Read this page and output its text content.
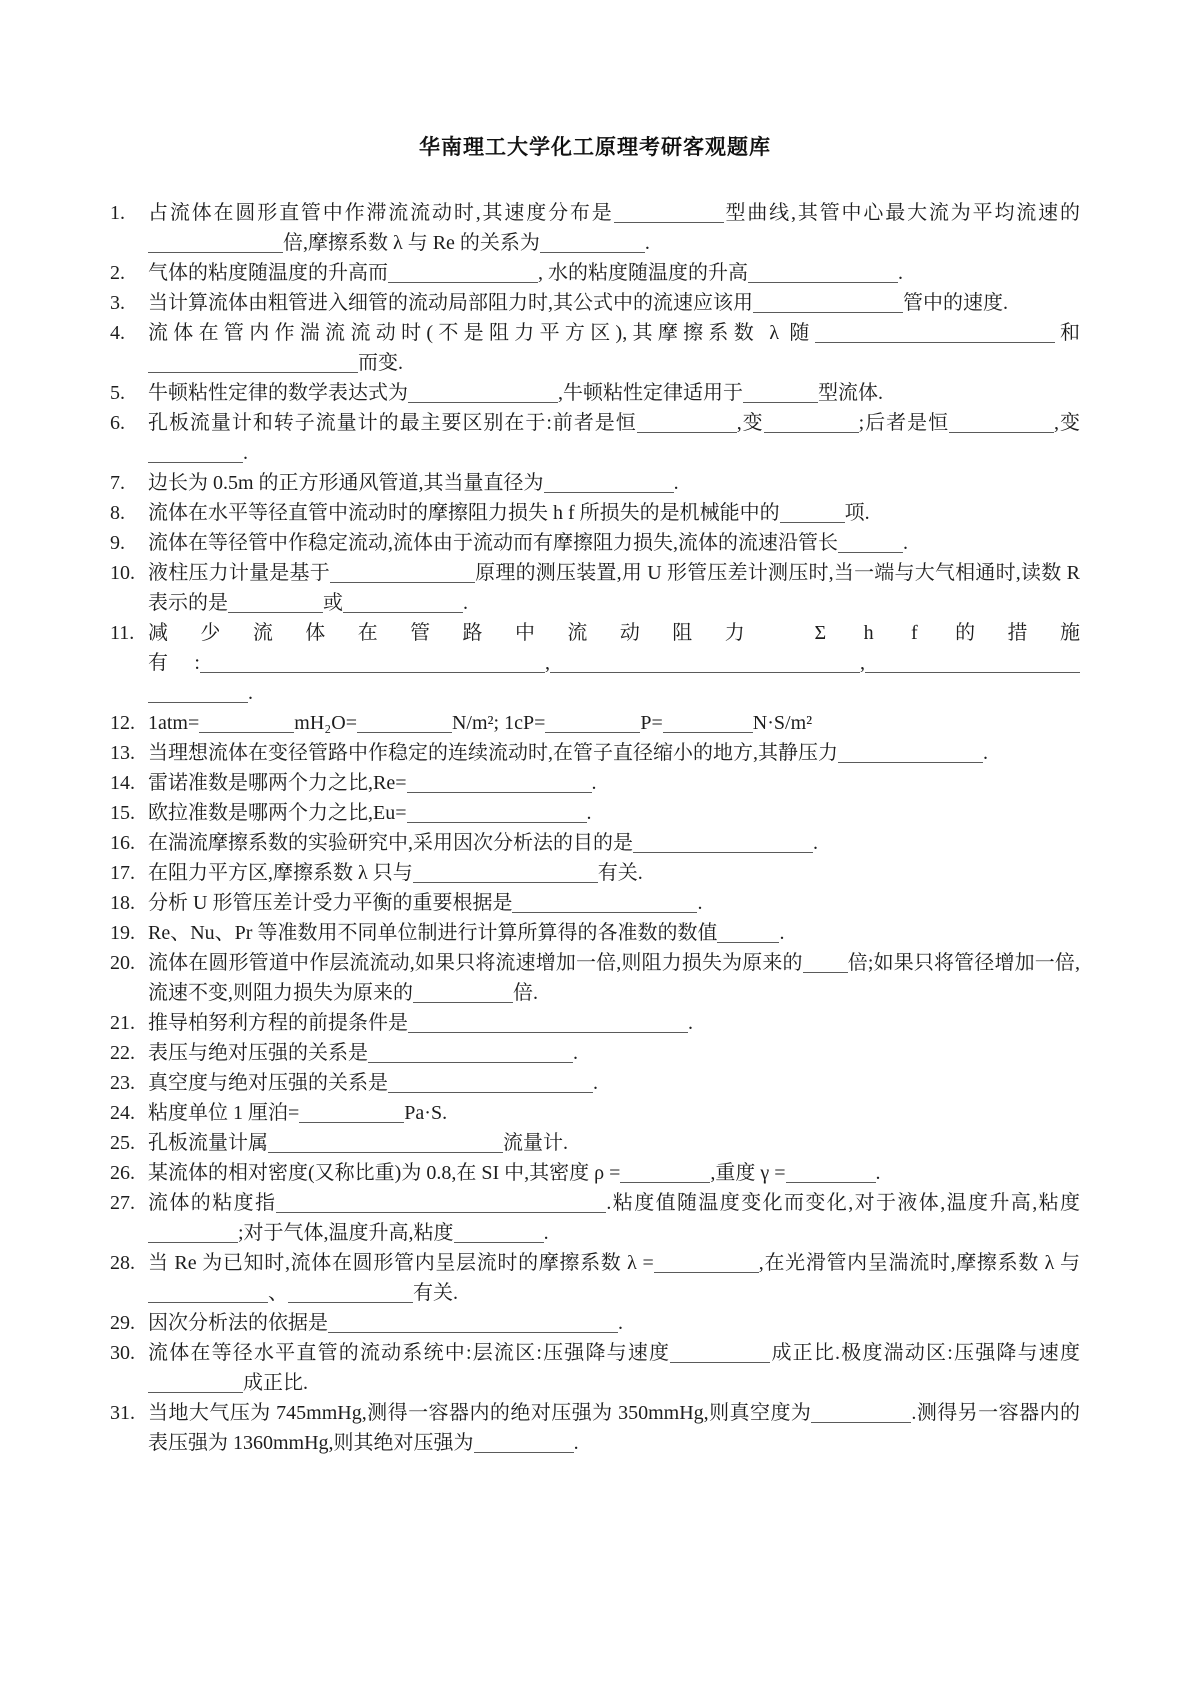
华南理工大学化工原理考研客观题库
1.	占流体在圆形直管中作滞流流动时,其速度分布是	型曲线,其管中心最大流为平均流速的倍,摩擦系数 λ 与 Re 的关系为	.
2.	气体的粘度随温度的升高而	, 水的粘度随温度的升高	.
3.	当计算流体由粗管进入细管的流动局部阻力时,其公式中的流速应该用	管中的速度.
4.	流体在管内作湍流流动时(不是阻力平方区),其摩擦系数 λ 随	和
而变.
5.	牛顿粘性定律的数学表达式为	,牛顿粘性定律适用于	型流体.
6.	孔板流量计和转子流量计的最主要区别在于:前者是恒	,变	;后者是恒	,变.
7.	边长为 0.5m 的正方形通风管道,其当量直径为	.
8.	流体在水平等径直管中流动时的摩擦阻力损失 h f 所损失的是机械能中的	项.
9.	流体在等径管中作稳定流动,流体由于流动而有摩擦阻力损失,流体的流速沿管长	.
10. 液柱压力计量是基于	原理的测压装置,用 U 形管压差计测压时,当一端与大气相通时,读数 R 表示的是	或	.
11. 减少流体在管路中流动阻力 Σ h f 的措施
有:	,	,.
12. 1atm=	mH₂O=	N/m²; 1cP=	P=	N·S/m²
13. 当理想流体在变径管路中作稳定的连续流动时,在管子直径缩小的地方,其静压力	.
14. 雷诺准数是哪两个力之比,Re=	.
15. 欧拉准数是哪两个力之比,Eu=	.
16. 在湍流摩擦系数的实验研究中,采用因次分析法的目的是	.
17. 在阻力平方区,摩擦系数 λ 只与	有关.
18. 分析 U 形管压差计受力平衡的重要根据是	.
19. Re、Nu、Pr 等准数用不同单位制进行计算所算得的各准数的数值	.
20. 流体在圆形管道中作层流流动,如果只将流速增加一倍,则阻力损失为原来的 倍;如果只将管径增加一倍,流速不变,则阻力损失为原来的	倍.
21. 推导柏努利方程的前提条件是	.
22. 表压与绝对压强的关系是	.
23. 真空度与绝对压强的关系是	.
24. 粘度单位 1 厘泊=	Pa·S.
25. 孔板流量计属	流量计.
26. 某流体的相对密度(又称比重)为 0.8,在 SI 中,其密度 ρ =	,重度 γ =	.
27. 流体的粘度指	.粘度值随温度变化而变化,对于液体,温度升高,粘度;对于气体,温度升高,粘度	.
28. 当 Re 为已知时,流体在圆形管内呈层流时的摩擦系数 λ =	,在光滑管内呈湍流时,摩擦系数 λ 与、	有关.
29. 因次分析法的依据是	.
30. 流体在等径水平直管的流动系统中:层流区:压强降与速度	成正比.极度湍动区:压强降与速度成正比.
31. 当地大气压为 745mmHg,测得一容器内的绝对压强为 350mmHg,则真空度为	.测得另一容器内的表压强为 1360mmHg,则其绝对压强为	.
